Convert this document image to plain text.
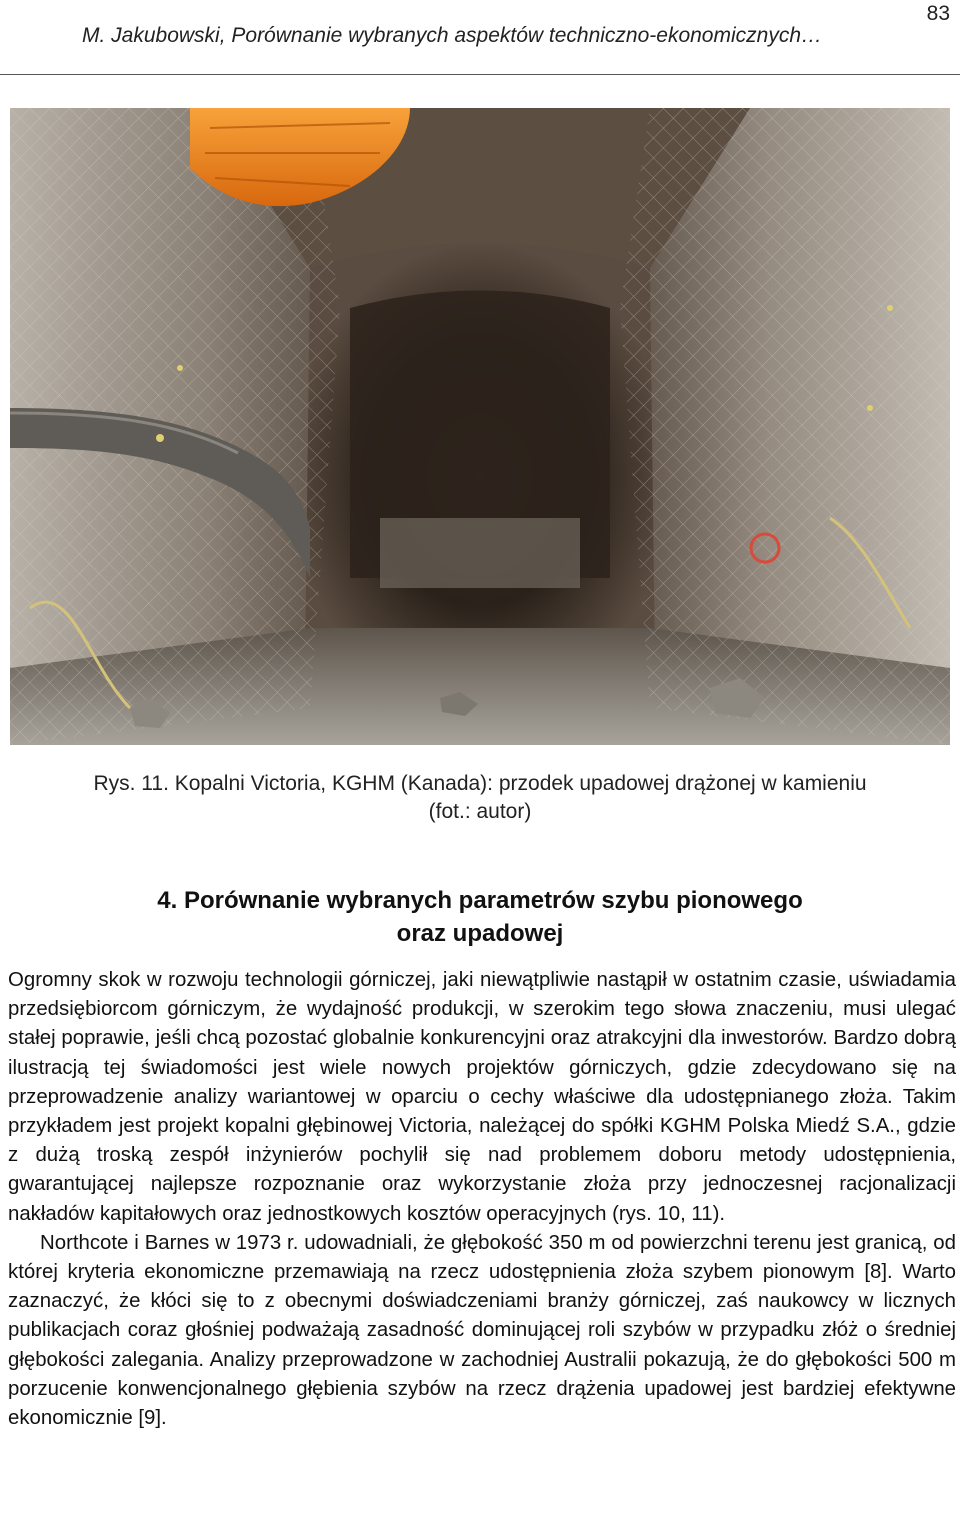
M. Jakubowski, Porównanie wybranych aspektów techniczno-ekonomicznych…
83
Rys. 11. Kopalni Victoria, KGHM (Kanada): przodek upadowej drążonej w kamieniu
(fot.: autor)
4. Porównanie wybranych parametrów szybu pionowego
oraz upadowej

Ogromny skok w rozwoju technologii górniczej, jaki niewątpliwie nastąpił w ostatnim czasie, uświadamia przedsiębiorcom górniczym, że wydajność produkcji, w szerokim tego słowa znaczeniu, musi ulegać stałej poprawie, jeśli chcą pozostać globalnie konkurencyjni oraz atrakcyjni dla inwestorów. Bardzo dobrą ilustracją tej świadomości jest wiele nowych projektów górniczych, gdzie zdecydowano się na przeprowadzenie analizy wariantowej w oparciu o cechy właściwe dla udostępnianego złoża. Takim przykładem jest projekt kopalni głębinowej Victoria, należącej do spółki KGHM Polska Miedź S.A., gdzie z dużą troską zespół inżynierów pochylił się nad problemem doboru metody udostępnienia, gwarantującej najlepsze rozpoznanie oraz wykorzystanie złoża przy jednoczesnej racjonalizacji nakładów kapitałowych oraz jednostkowych kosztów operacyjnych (rys. 10, 11).

Northcote i Barnes w 1973 r. udowadniali, że głębokość 350 m od powierzchni terenu jest granicą, od której kryteria ekonomiczne przemawiają na rzecz udostępnienia złoża szybem pionowym [8]. Warto zaznaczyć, że kłóci się to z obecnymi doświadczeniami branży górniczej, zaś naukowcy w licznych publikacjach coraz głośniej podważają zasadność dominującej roli szybów w przypadku złóż o średniej głębokości zalegania. Analizy przeprowadzone w zachodniej Australii pokazują, że do głębokości 500 m porzucenie konwencjonalnego głębienia szybów na rzecz drążenia upadowej jest bardziej efektywne ekonomicznie [9].
